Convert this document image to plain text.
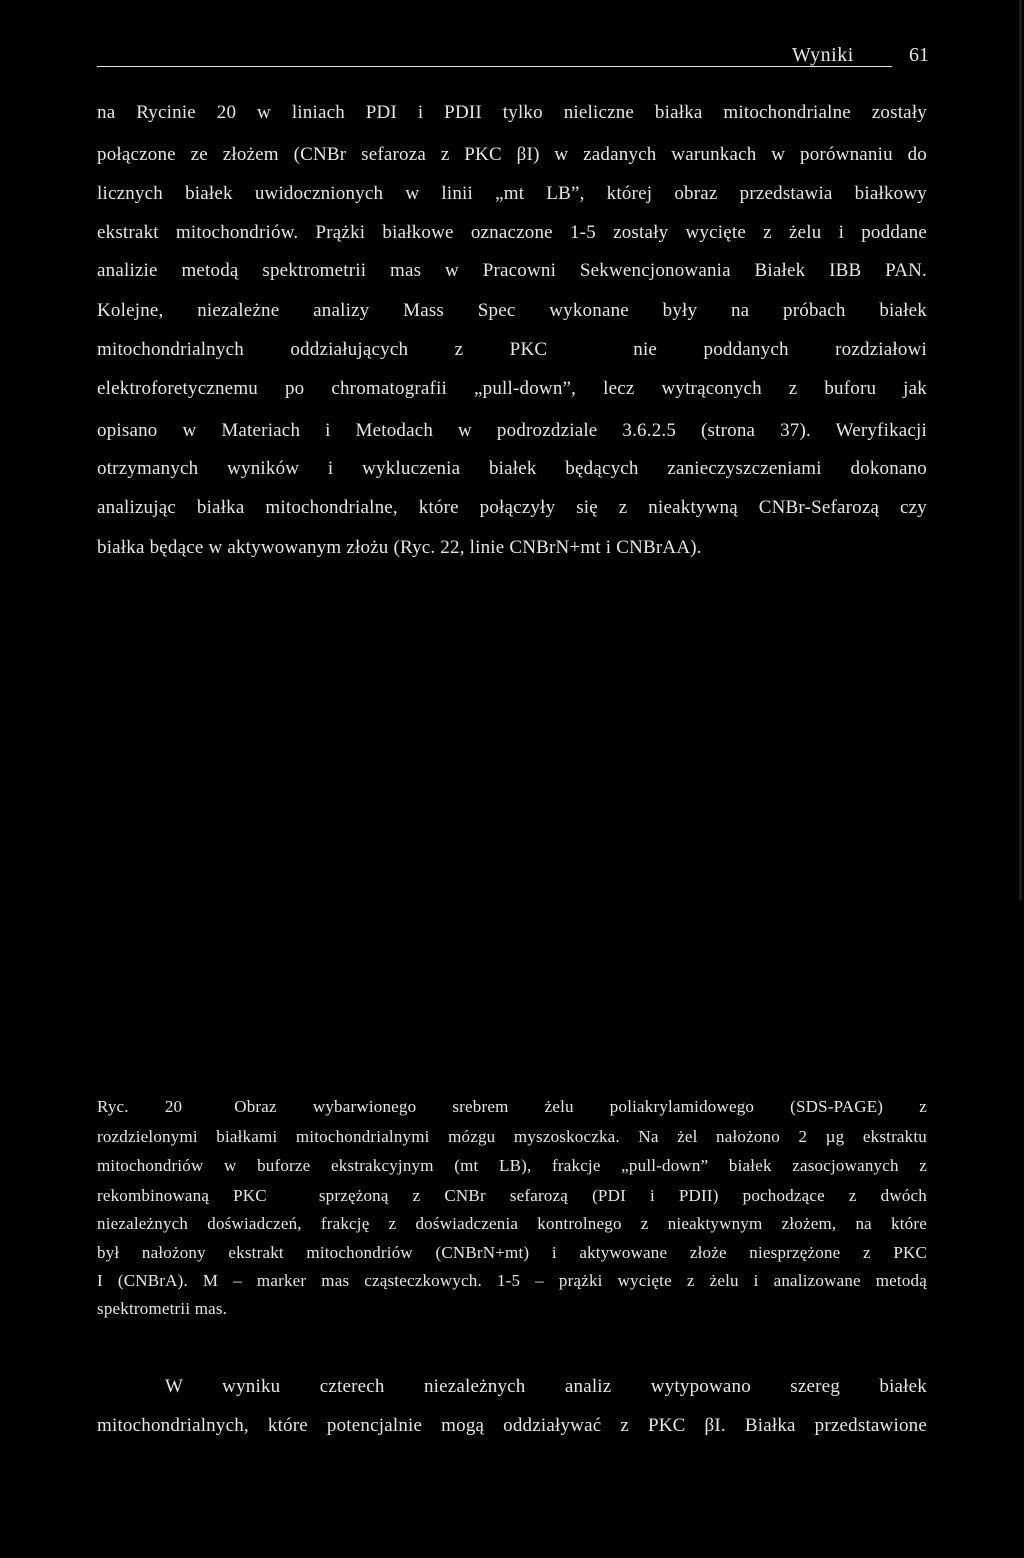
Wyniki	61
na Rycinie 20 w liniach PDI i PDII tylko nieliczne białka mitochondrialne zostały
połączone ze złożem (CNBr sefaroza z PKC βI) w zadanych warunkach w porównaniu do
licznych białek uwidocznionych w linii „mt LB”, której obraz przedstawia białkowy
ekstrakt mitochondriów. Prążki białkowe oznaczone 1-5 zostały wycięte z żelu i poddane
analizie metodą spektrometrii mas w Pracowni Sekwencjonowania Białek IBB PAN.
Kolejne, niezależne analizy Mass Spec wykonane były na próbach białek
mitochondrialnych oddziałujących z PKC	nie poddanych rozdziałowi
elektroforetycznemu po chromatografii „pull-down”, lecz wytrąconych z buforu jak
opisano w Materiach i Metodach w podrozdziale 3.6.2.5 (strona 37). Weryfikacji
otrzymanych wyników i wykluczenia białek będących zanieczyszczeniami dokonano
analizując białka mitochondrialne, które połączyły się z nieaktywną CNBr-Sefarozą czy
białka będące w aktywowanym złożu (Ryc. 22, linie CNBrN+mt i CNBrAA).
Ryc. 20	Obraz wybarwionego srebrem żelu poliakrylamidowego (SDS-PAGE) z
rozdzielonymi białkami mitochondrialnymi mózgu myszoskoczka. Na żel nałożono 2 µg ekstraktu
mitochondriów w buforze ekstrakcyjnym (mt LB), frakcje „pull-down” białek zasocjowanych z
rekombinowaną PKC	sprzężoną z CNBr sefarozą (PDI i PDII) pochodzące z dwóch
niezależnych doświadczeń, frakcję z doświadczenia kontrolnego z nieaktywnym złożem, na które
był nałożony ekstrakt mitochondriów (CNBrN+mt) i aktywowane złoże niesprzężone z PKC
I (CNBrA). M – marker mas cząsteczkowych. 1-5 – prążki wycięte z żelu i analizowane metodą
spektrometrii mas.
W wyniku czterech niezależnych analiz wytypowano szereg białek
mitochondrialnych, które potencjalnie mogą oddziaływać z PKC βI. Białka przedstawione
